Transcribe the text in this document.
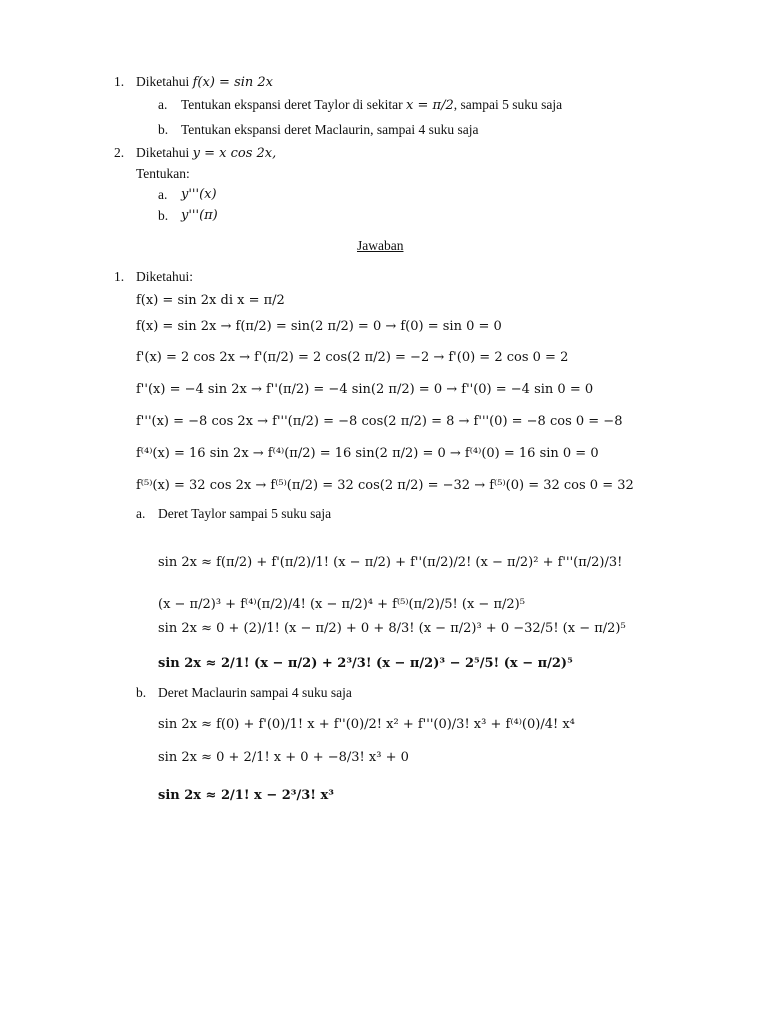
1. Diketahui f(x) = sin 2x
a. Tentukan ekspansi deret Taylor di sekitar x = π/2, sampai 5 suku saja
b. Tentukan ekspansi deret Maclaurin, sampai 4 suku saja
2. Diketahui y = x cos 2x,
Tentukan:
a. y'''(x)
b. y'''(π)
Jawaban
1. Diketahui:
f(x) = sin 2x di x = π/2
f(x) = sin 2x → f(π/2) = sin(2 π/2) = 0 → f(0) = sin 0 = 0
f'(x) = 2 cos 2x → f'(π/2) = 2 cos(2 π/2) = −2 → f'(0) = 2 cos 0 = 2
f''(x) = −4 sin 2x → f''(π/2) = −4 sin(2 π/2) = 0 → f''(0) = −4 sin 0 = 0
f'''(x) = −8 cos 2x → f'''(π/2) = −8 cos(2 π/2) = 8 → f'''(0) = −8 cos 0 = −8
f⁽⁴⁾(x) = 16 sin 2x → f⁽⁴⁾(π/2) = 16 sin(2 π/2) = 0 → f⁽⁴⁾(0) = 16 sin 0 = 0
f⁽⁵⁾(x) = 32 cos 2x → f⁽⁵⁾(π/2) = 32 cos(2 π/2) = −32 → f⁽⁵⁾(0) = 32 cos 0 = 32
a. Deret Taylor sampai 5 suku saja
sin 2x ≈ f(π/2) + f'(π/2)/1! (x − π/2) + f''(π/2)/2! (x − π/2)² + f'''(π/2)/3! (x − π/2)³ + f⁽⁴⁾(π/2)/4! (x − π/2)⁴ + f⁽⁵⁾(π/2)/5! (x − π/2)⁵
sin 2x ≈ 0 + (2)/1! (x − π/2) + 0 + 8/3! (x − π/2)³ + 0 −32/5! (x − π/2)⁵
sin 2x ≈ 2/1! (x − π/2) + 2³/3! (x − π/2)³ − 2⁵/5! (x − π/2)⁵
b. Deret Maclaurin sampai 4 suku saja
sin 2x ≈ f(0) + f'(0)/1! x + f''(0)/2! x² + f'''(0)/3! x³ + f⁽⁴⁾(0)/4! x⁴
sin 2x ≈ 0 + 2/1! x + 0 + −8/3! x³ + 0
sin 2x ≈ 2/1! x − 2³/3! x³
